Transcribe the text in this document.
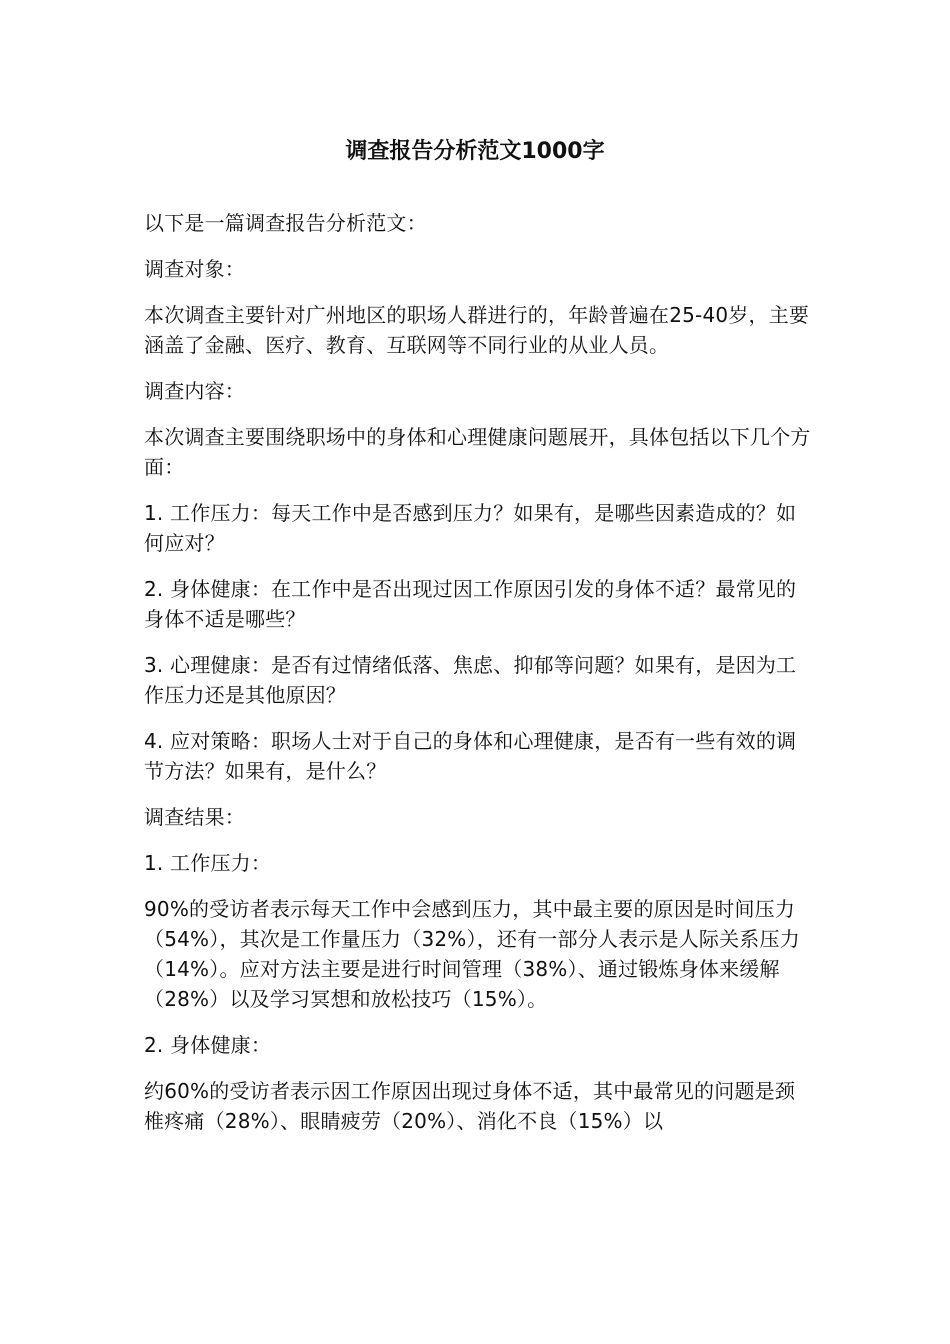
调查报告分析范文1000字

以下是一篇调查报告分析范文：

调查对象：

本次调查主要针对广州地区的职场人群进行的，年龄普遍在25-40岁，主要涵盖了金融、医疗、教育、互联网等不同行业的从业人员。

调查内容：

本次调查主要围绕职场中的身体和心理健康问题展开，具体包括以下几个方面：

1. 工作压力：每天工作中是否感到压力？如果有，是哪些因素造成的？如何应对？

2. 身体健康：在工作中是否出现过因工作原因引发的身体不适？最常见的身体不适是哪些？

3. 心理健康：是否有过情绪低落、焦虑、抑郁等问题？如果有，是因为工作压力还是其他原因？

4. 应对策略：职场人士对于自己的身体和心理健康，是否有一些有效的调节方法？如果有，是什么？

调查结果：

1. 工作压力：

90%的受访者表示每天工作中会感到压力，其中最主要的原因是时间压力（54%），其次是工作量压力（32%），还有一部分人表示是人际关系压力（14%）。应对方法主要是进行时间管理（38%）、通过锻炼身体来缓解（28%）以及学习冥想和放松技巧（15%）。

2. 身体健康：

约60%的受访者表示因工作原因出现过身体不适，其中最常见的问题是颈椎疼痛（28%）、眼睛疲劳（20%）、消化不良（15%）以
